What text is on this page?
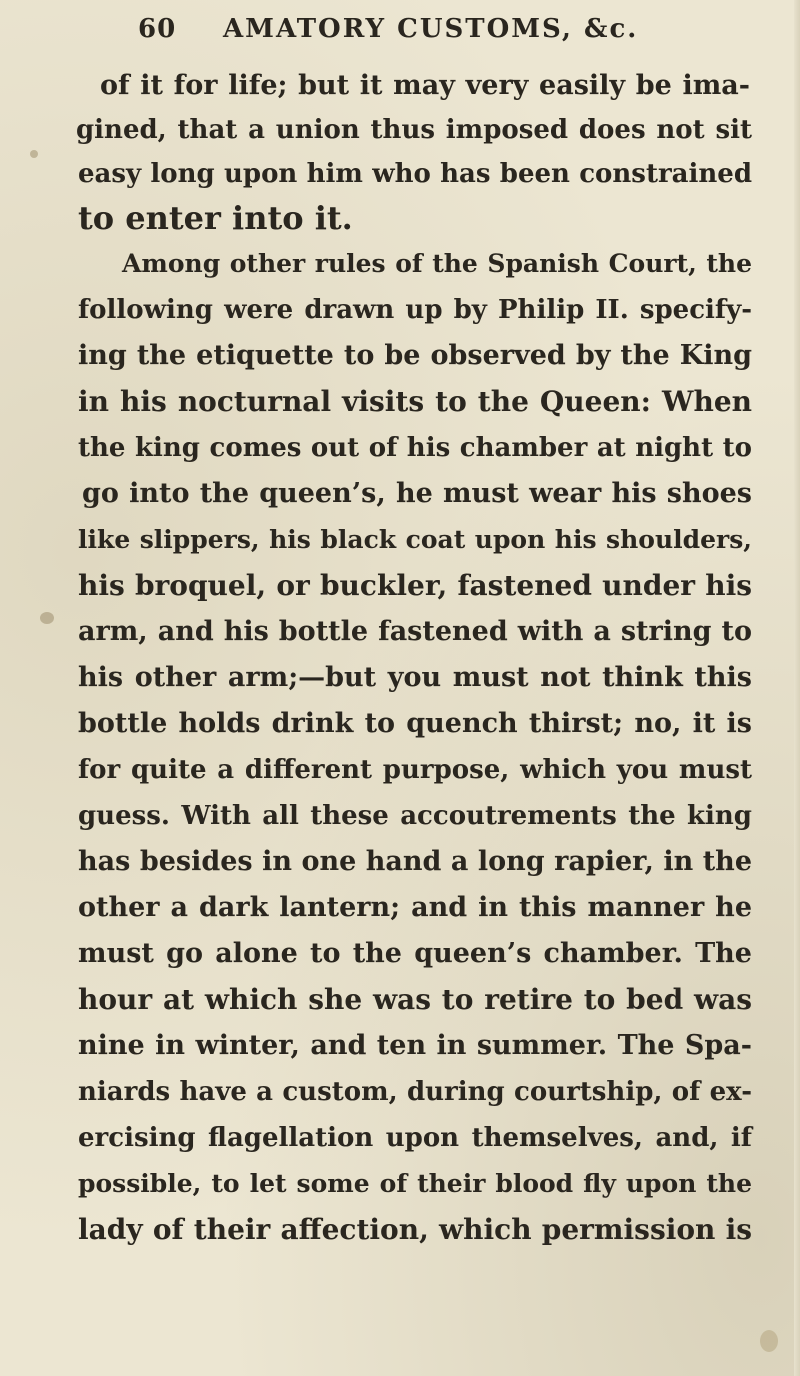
60 AMATORY CUSTOMS, &c.
of it for life; but it may very easily be ima-
gined, that a union thus imposed does not sit
easy long upon him who has been constrained
to enter into it.
Among other rules of the Spanish Court, the
following were drawn up by Philip II. specify-
ing the etiquette to be observed by the King
in his nocturnal visits to the Queen: When
the king comes out of his chamber at night to
go into the queen’s, he must wear his shoes
like slippers, his black coat upon his shoulders,
his broquel, or buckler, fastened under his
arm, and his bottle fastened with a string to
his other arm;—but you must not think this
bottle holds drink to quench thirst; no, it is
for quite a different purpose, which you must
guess. With all these accoutrements the king
has besides in one hand a long rapier, in the
other a dark lantern; and in this manner he
must go alone to the queen’s chamber. The
hour at which she was to retire to bed was
nine in winter, and ten in summer. The Spa-
niards have a custom, during courtship, of ex-
ercising flagellation upon themselves, and, if
possible, to let some of their blood fly upon the
lady of their affection, which permission is
